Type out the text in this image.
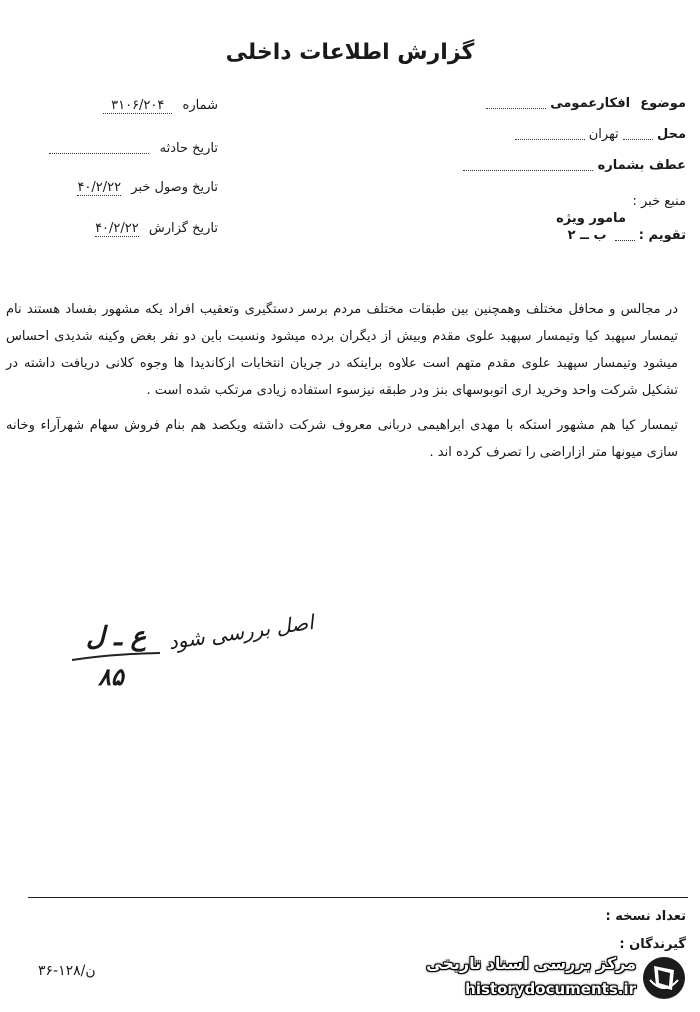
گزارش اطلاعات داخلی
موضوع افکارعمومی
محل  تهران
عطف بشماره
منبع خبر :
مامور ویژه
تقویم :  ب ــ ۲
شماره ۳۱۰۶/۲۰۴
تاریخ حادثه
تاریخ وصول خبر ۴۰/۲/۲۲
تاریخ گزارش ۴۰/۲/۲۲

در مجالس و محافل مختلف وهمچنین بین طبقات مختلف مردم برسر دستگیری وتعقیب افراد یکه مشهور بفساد هستند نام تیمسار سپهبد کیا وتیمسار سپهبد علوی مقدم وبیش از دیگران برده میشود ونسبت باین دو نفر بغض وکینه شدیدی احساس میشود وتیمسار سپهبد علوی مقدم متهم است علاوه براینکه در جریان انتخابات ازکاندیدا ها وجوه کلانی دریافت داشته در تشکیل شرکت واحد وخرید اری اتوبوسهای بنز ودر طبقه نیزسوء استفاده زیادی مرتکب شده است .

تیمسار کیا هم مشهور استکه با مهدی ابراهیمی دربانی معروف شرکت داشته ویکصد هم بنام فروش سهام شهرآراء وخانه سازی میونها متر ازاراضی را تصرف کرده اند .

اصل بررسی شود
ع ـ ل
۸۵
تعداد نسخه :
گیرندگان :
ن/۱۲۸-۳۶	مرکز بررسی اسناد تاریخی
historydocuments.ir
